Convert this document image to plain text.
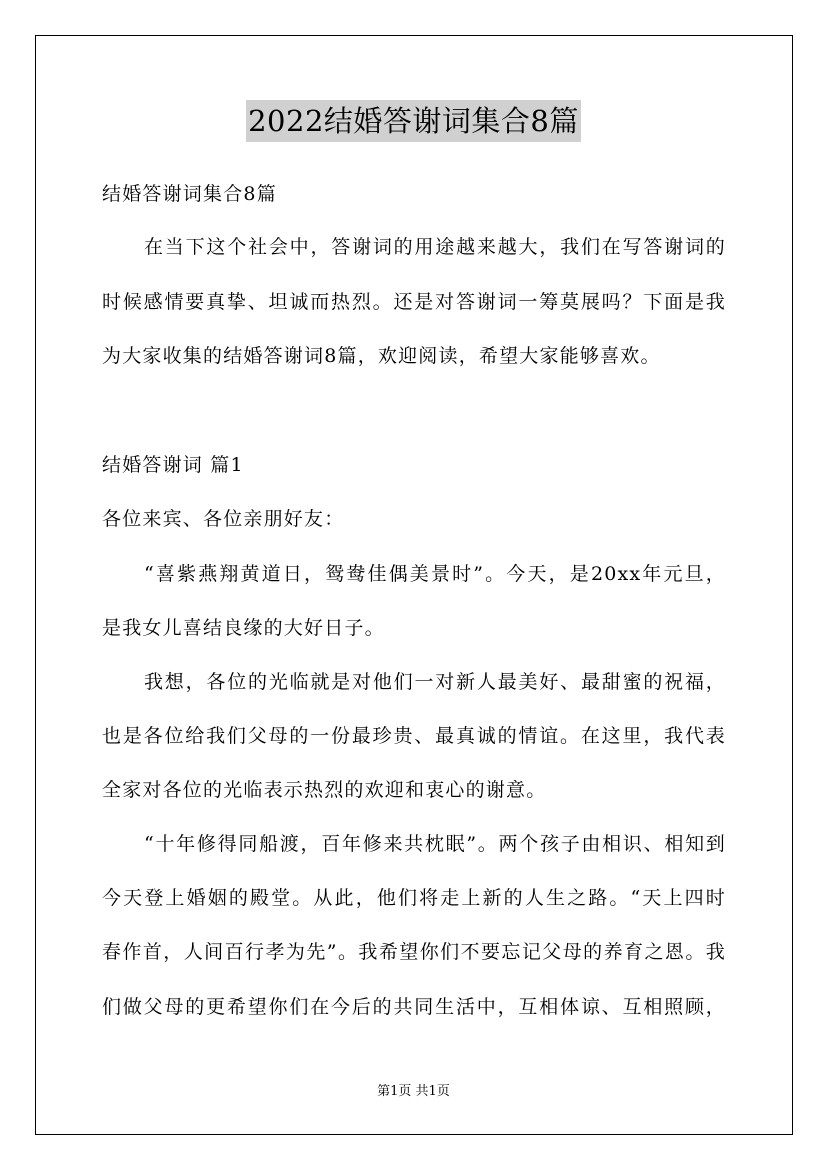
2022结婚答谢词集合8篇
结婚答谢词集合8篇
在当下这个社会中，答谢词的用途越来越大，我们在写答谢词的
时候感情要真挚、坦诚而热烈。还是对答谢词一筹莫展吗？下面是我
为大家收集的结婚答谢词8篇，欢迎阅读，希望大家能够喜欢。
结婚答谢词 篇1
各位来宾、各位亲朋好友：
“喜紫燕翔黄道日，鸳鸯佳偶美景时”。今天，是20xx年元旦，
是我女儿喜结良缘的大好日子。
我想，各位的光临就是对他们一对新人最美好、最甜蜜的祝福，
也是各位给我们父母的一份最珍贵、最真诚的情谊。在这里，我代表
全家对各位的光临表示热烈的欢迎和衷心的谢意。
“十年修得同船渡，百年修来共枕眠”。两个孩子由相识、相知到
今天登上婚姻的殿堂。从此，他们将走上新的人生之路。“天上四时
春作首，人间百行孝为先”。我希望你们不要忘记父母的养育之恩。我
们做父母的更希望你们在今后的共同生活中，互相体谅、互相照顾，
第1页 共1页
